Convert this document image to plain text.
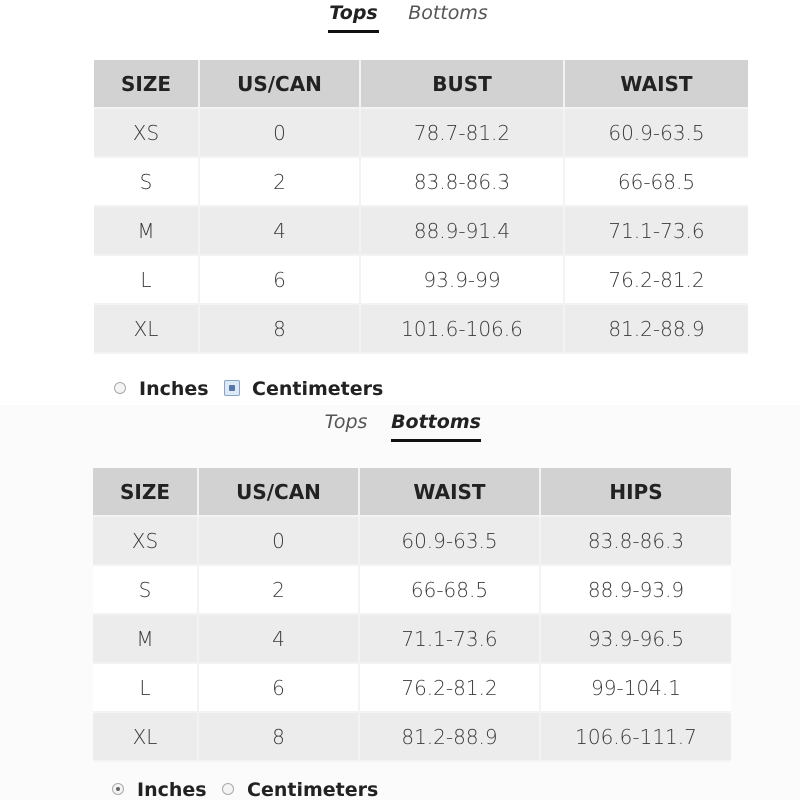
Tops Bottoms
SIZE	US/CAN	BUST	WAIST
XS	0	78.7-81.2	60.9-63.5
S	2	83.8-86.3	66-68.5
M	4	88.9-91.4	71.1-73.6
L	6	93.9-99	76.2-81.2
XL	8	101.6-106.6	81.2-88.9
Inches Centimeters
Tops Bottoms
SIZE	US/CAN	WAIST	HIPS
XS	0	60.9-63.5	83.8-86.3
S	2	66-68.5	88.9-93.9
M	4	71.1-73.6	93.9-96.5
L	6	76.2-81.2	99-104.1
XL	8	81.2-88.9	106.6-111.7
Inches Centimeters
